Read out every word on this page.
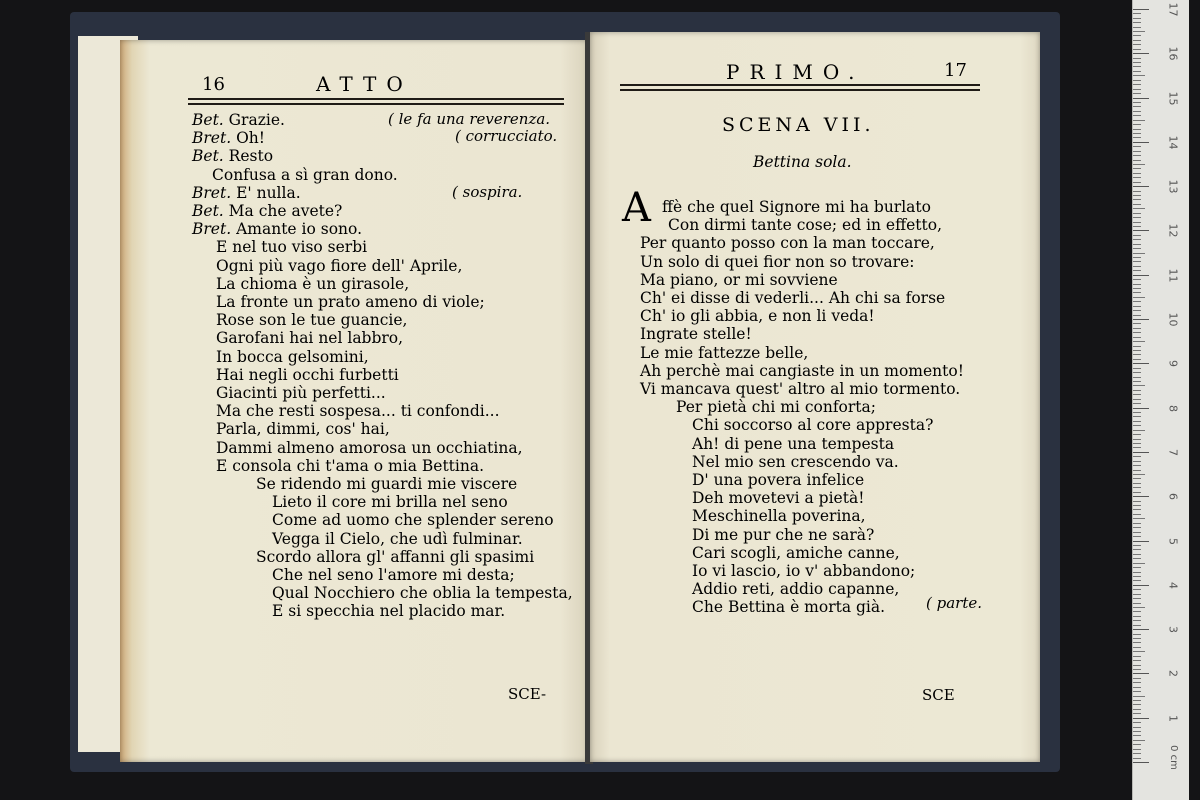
16	ATTO
Bet. Grazie.
Bret. Oh!
Bet. Resto
Confusa a sì gran dono.
Bret. E' nulla.
Bet. Ma che avete?
Bret. Amante io sono.
E nel tuo viso serbi
Ogni più vago fiore dell' Aprile,
La chioma è un girasole,
La fronte un prato ameno di viole;
Rose son le tue guancie,
Garofani hai nel labbro,
In bocca gelsomini,
Hai negli occhi furbetti
Giacinti più perfetti...
Ma che resti sospesa... ti confondi...
Parla, dimmi, cos' hai,
Dammi almeno amorosa un occhiatina,
E consola chi t'ama o mia Bettina.
Se ridendo mi guardi mie viscere
Lieto il core mi brilla nel seno
Come ad uomo che splender sereno
Vegga il Cielo, che udì fulminar.
Scordo allora gl' affanni gli spasimi
Che nel seno l'amore mi desta;
Qual Nocchiero che oblia la tempesta,
E si specchia nel placido mar.
( le fa una reverenza.
( corrucciato.
( sospira.
SCE-
PRIMO.	17
SCENA VII.
Bettina sola.
A ffè che quel Signore mi ha burlato
Con dirmi tante cose; ed in effetto,
Per quanto posso con la man toccare,
Un solo di quei fior non so trovare:
Ma piano, or mi sovviene
Ch' ei disse di vederli... Ah chi sa forse
Ch' io gli abbia, e non li veda!
Ingrate stelle!
Le mie fattezze belle,
Ah perchè mai cangiaste in un momento!
Vi mancava quest' altro al mio tormento.
Per pietà chi mi conforta;
Chi soccorso al core appresta?
Ah! di pene una tempesta
Nel mio sen crescendo va.
D' una povera infelice
Deh movetevi a pietà!
Meschinella poverina,
Di me pur che ne sarà?
Cari scogli, amiche canne,
Io vi lascio, io v' abbandono;
Addio reti, addio capanne,
Che Bettina è morta già.	( parte.
SCE
0 cm
1
2
3
4
5
6
7
8
9
10
11
12
13
14
15
16
17
